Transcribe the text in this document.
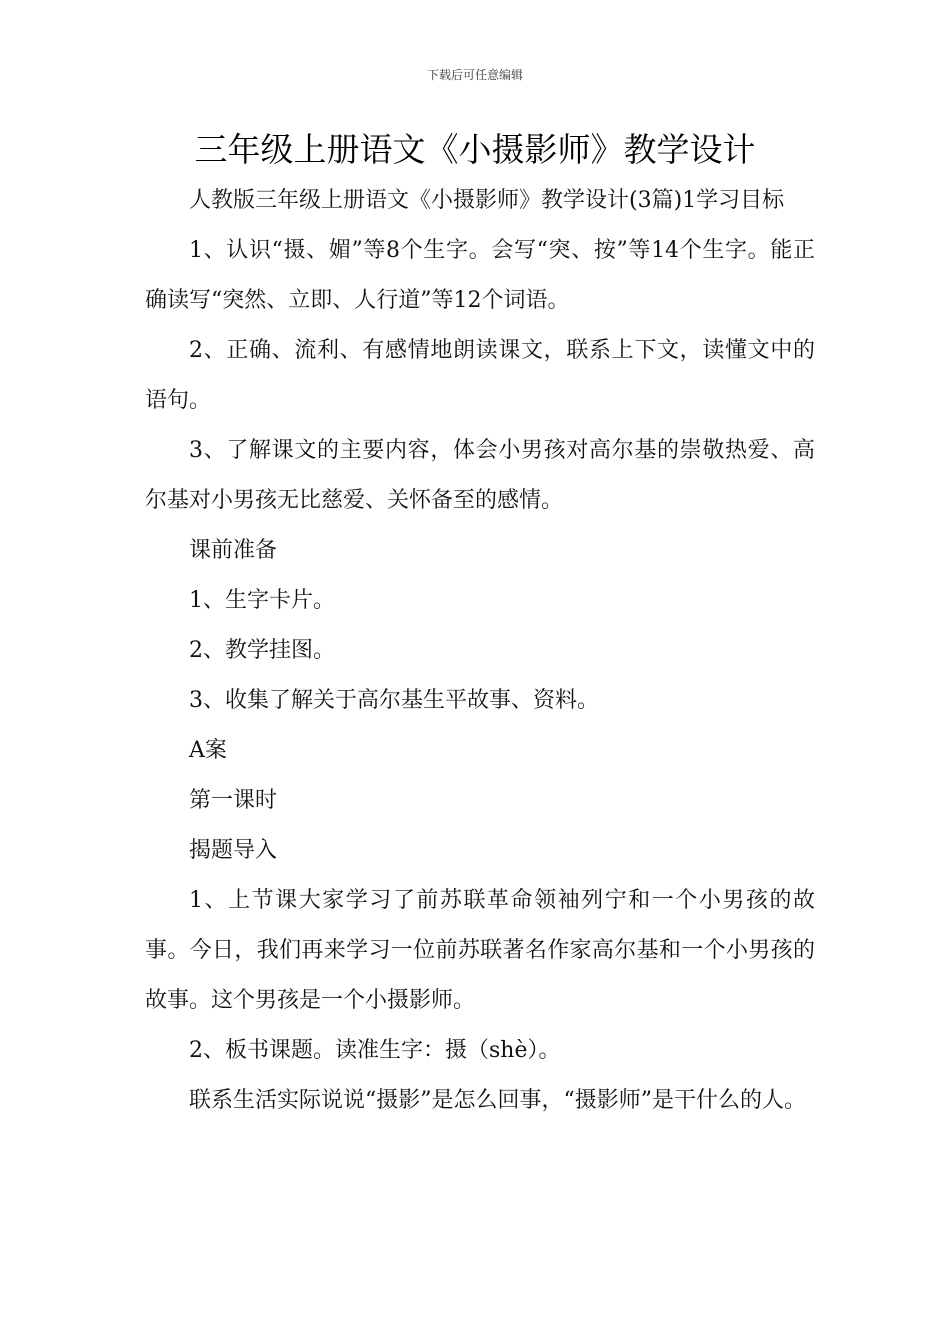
下载后可任意编辑
三年级上册语文《小摄影师》教学设计

人教版三年级上册语文《小摄影师》教学设计(3篇)1学习目标

1、认识“摄、媚”等8个生字。会写“突、按”等14个生字。能正确读写“突然、立即、人行道”等12个词语。

2、正确、流利、有感情地朗读课文，联系上下文，读懂文中的语句。

3、了解课文的主要内容，体会小男孩对高尔基的崇敬热爱、高尔基对小男孩无比慈爱、关怀备至的感情。

课前准备

1、生字卡片。

2、教学挂图。

3、收集了解关于高尔基生平故事、资料。

A案

第一课时

揭题导入

1、上节课大家学习了前苏联革命领袖列宁和一个小男孩的故事。今日，我们再来学习一位前苏联著名作家高尔基和一个小男孩的故事。这个男孩是一个小摄影师。

2、板书课题。读准生字：摄（shè）。

联系生活实际说说“摄影”是怎么回事，“摄影师”是干什么的人。
